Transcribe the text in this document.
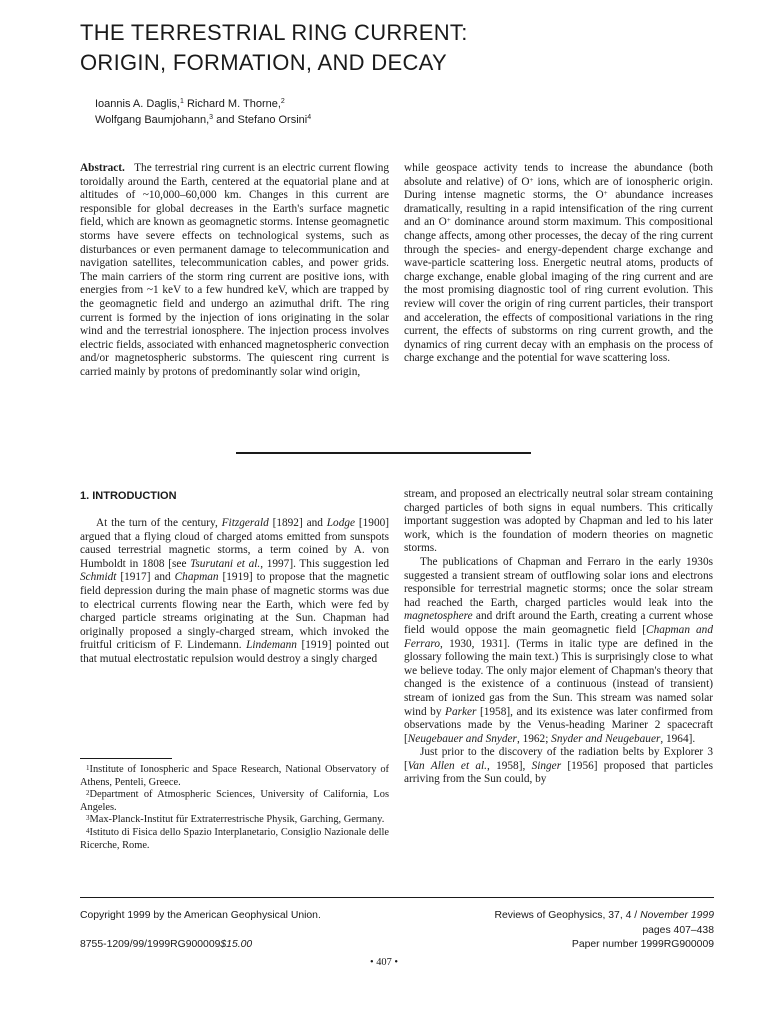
THE TERRESTRIAL RING CURRENT:
ORIGIN, FORMATION, AND DECAY
Ioannis A. Daglis,$^1$ Richard M. Thorne,$^2$
Wolfgang Baumjohann,$^3$ and Stefano Orsini$^4$

Abstract. The terrestrial ring current is an electric current flowing toroidally around the Earth, centered at the equatorial plane and at altitudes of ~10,000–60,000 km. Changes in this current are responsible for global decreases in the Earth's surface magnetic field, which are known as geomagnetic storms. Intense geomagnetic storms have severe effects on technological systems, such as disturbances or even permanent damage to telecommunication and navigation satellites, telecommunication cables, and power grids. The main carriers of the storm ring current are positive ions, with energies from ~1 keV to a few hundred keV, which are trapped by the geomagnetic field and undergo an azimuthal drift. The ring current is formed by the injection of ions originating in the solar wind and the terrestrial ionosphere. The injection process involves electric fields, associated with enhanced magnetospheric convection and/or magnetospheric substorms. The quiescent ring current is carried mainly by protons of predominantly solar wind origin,

while geospace activity tends to increase the abundance (both absolute and relative) of O+ ions, which are of ionospheric origin. During intense magnetic storms, the O+ abundance increases dramatically, resulting in a rapid intensification of the ring current and an O+ dominance around storm maximum. This compositional change affects, among other processes, the decay of the ring current through the species- and energy-dependent charge exchange and wave-particle scattering loss. Energetic neutral atoms, products of charge exchange, enable global imaging of the ring current and are the most promising diagnostic tool of ring current evolution. This review will cover the origin of ring current particles, their transport and acceleration, the effects of compositional variations in the ring current, the effects of substorms on ring current growth, and the dynamics of ring current decay with an emphasis on the process of charge exchange and the potential for wave scattering loss.

1. INTRODUCTION

At the turn of the century, Fitzgerald [1892] and Lodge [1900] argued that a flying cloud of charged atoms emitted from sunspots caused terrestrial magnetic storms, a term coined by A. von Humboldt in 1808 [see Tsurutani et al., 1997]. This suggestion led Schmidt [1917] and Chapman [1919] to propose that the magnetic field depression during the main phase of magnetic storms was due to electrical currents flowing near the Earth, which were fed by charged particle streams originating at the Sun. Chapman had originally proposed a singly-charged stream, which invoked the fruitful criticism of F. Lindemann. Lindemann [1919] pointed out that mutual electrostatic repulsion would destroy a singly charged

stream, and proposed an electrically neutral solar stream containing charged particles of both signs in equal numbers. This critically important suggestion was adopted by Chapman and led to his later work, which is the foundation of modern theories on magnetic storms.

The publications of Chapman and Ferraro in the early 1930s suggested a transient stream of outflowing solar ions and electrons responsible for terrestrial magnetic storms; once the solar stream had reached the Earth, charged particles would leak into the magnetosphere and drift around the Earth, creating a current whose field would oppose the main geomagnetic field [Chapman and Ferraro, 1930, 1931]. (Terms in italic type are defined in the glossary following the main text.) This is surprisingly close to what we believe today. The only major element of Chapman's theory that changed is the existence of a continuous (instead of transient) stream of ionized gas from the Sun. This stream was named solar wind by Parker [1958], and its existence was later confirmed from observations made by the Venus-heading Mariner 2 spacecraft [Neugebauer and Snyder, 1962; Snyder and Neugebauer, 1964].

Just prior to the discovery of the radiation belts by Explorer 3 [Van Allen et al., 1958], Singer [1956] proposed that particles arriving from the Sun could, by

$^1$Institute of Ionospheric and Space Research, National Observatory of Athens, Penteli, Greece.

$^2$Department of Atmospheric Sciences, University of California, Los Angeles.

$^3$Max-Planck-Institut für Extraterrestrische Physik, Garching, Germany.

$^4$Istituto di Fisica dello Spazio Interplanetario, Consiglio Nazionale delle Ricerche, Rome.

Copyright 1999 by the American Geophysical Union.
8755-1209/99/1999RG900009$15.00
Reviews of Geophysics, 37, 4 / November 1999
pages 407–438
Paper number 1999RG900009
• 407 •
